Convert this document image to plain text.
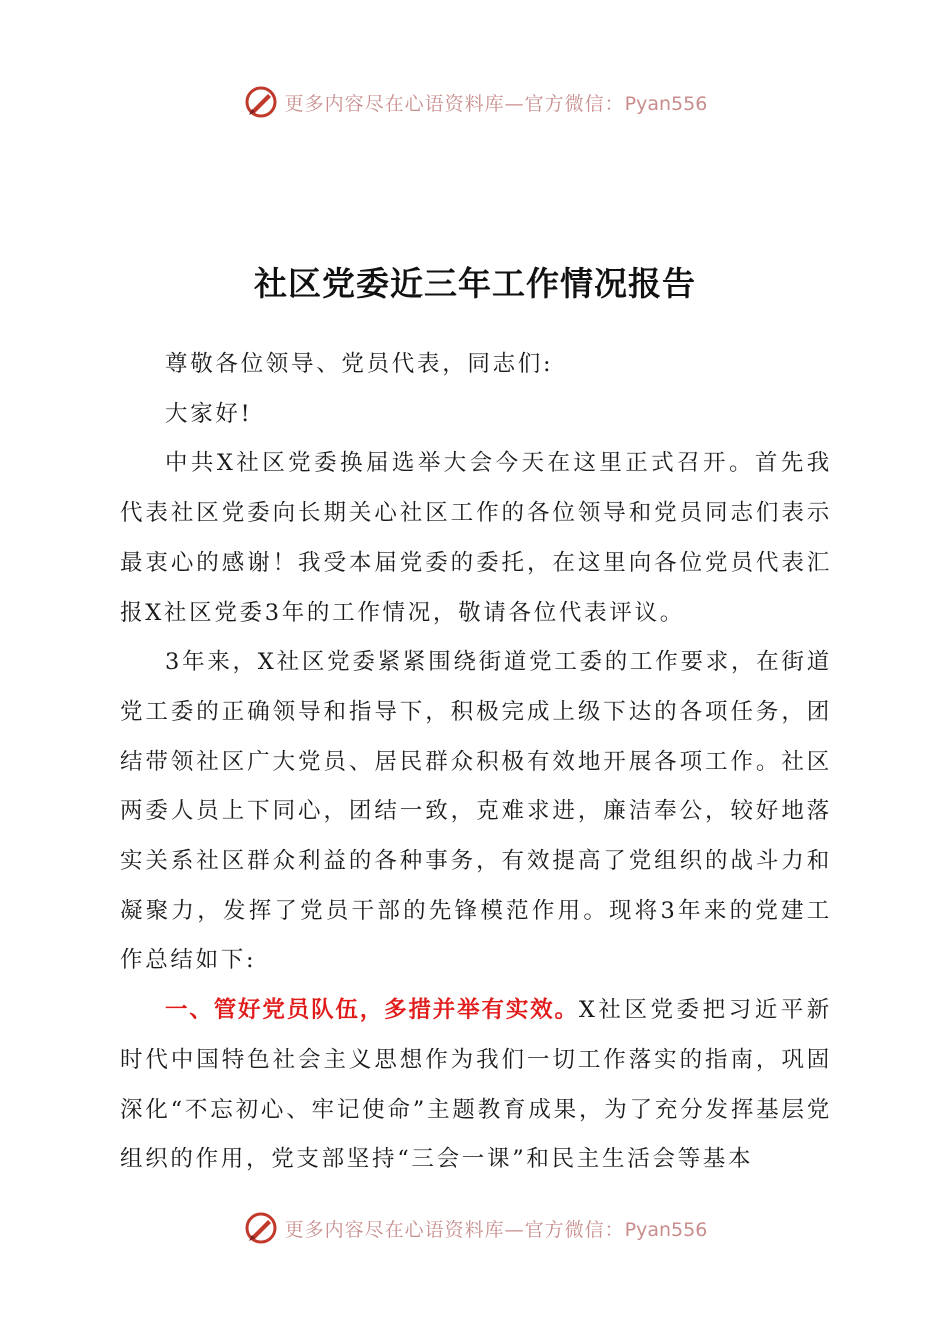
更多内容尽在心语资料库—官方微信：Pyan556
社区党委近三年工作情况报告

尊敬各位领导、党员代表，同志们:

大家好!

中共X社区党委换届选举大会今天在这里正式召开。首先我代表社区党委向长期关心社区工作的各位领导和党员同志们表示最衷心的感谢！我受本届党委的委托，在这里向各位党员代表汇报X社区党委3年的工作情况，敬请各位代表评议。

3年来，X社区党委紧紧围绕街道党工委的工作要求，在街道党工委的正确领导和指导下，积极完成上级下达的各项任务，团结带领社区广大党员、居民群众积极有效地开展各项工作。社区两委人员上下同心，团结一致，克难求进，廉洁奉公，较好地落实关系社区群众利益的各种事务，有效提高了党组织的战斗力和凝聚力，发挥了党员干部的先锋模范作用。现将3年来的党建工作总结如下:

一、管好党员队伍，多措并举有实效。X社区党委把习近平新时代中国特色社会主义思想作为我们一切工作落实的指南，巩固深化“不忘初心、牢记使命”主题教育成果，为了充分发挥基层党组织的作用，党支部坚持“三会一课”和民主生活会等基本

更多内容尽在心语资料库—官方微信：Pyan556
